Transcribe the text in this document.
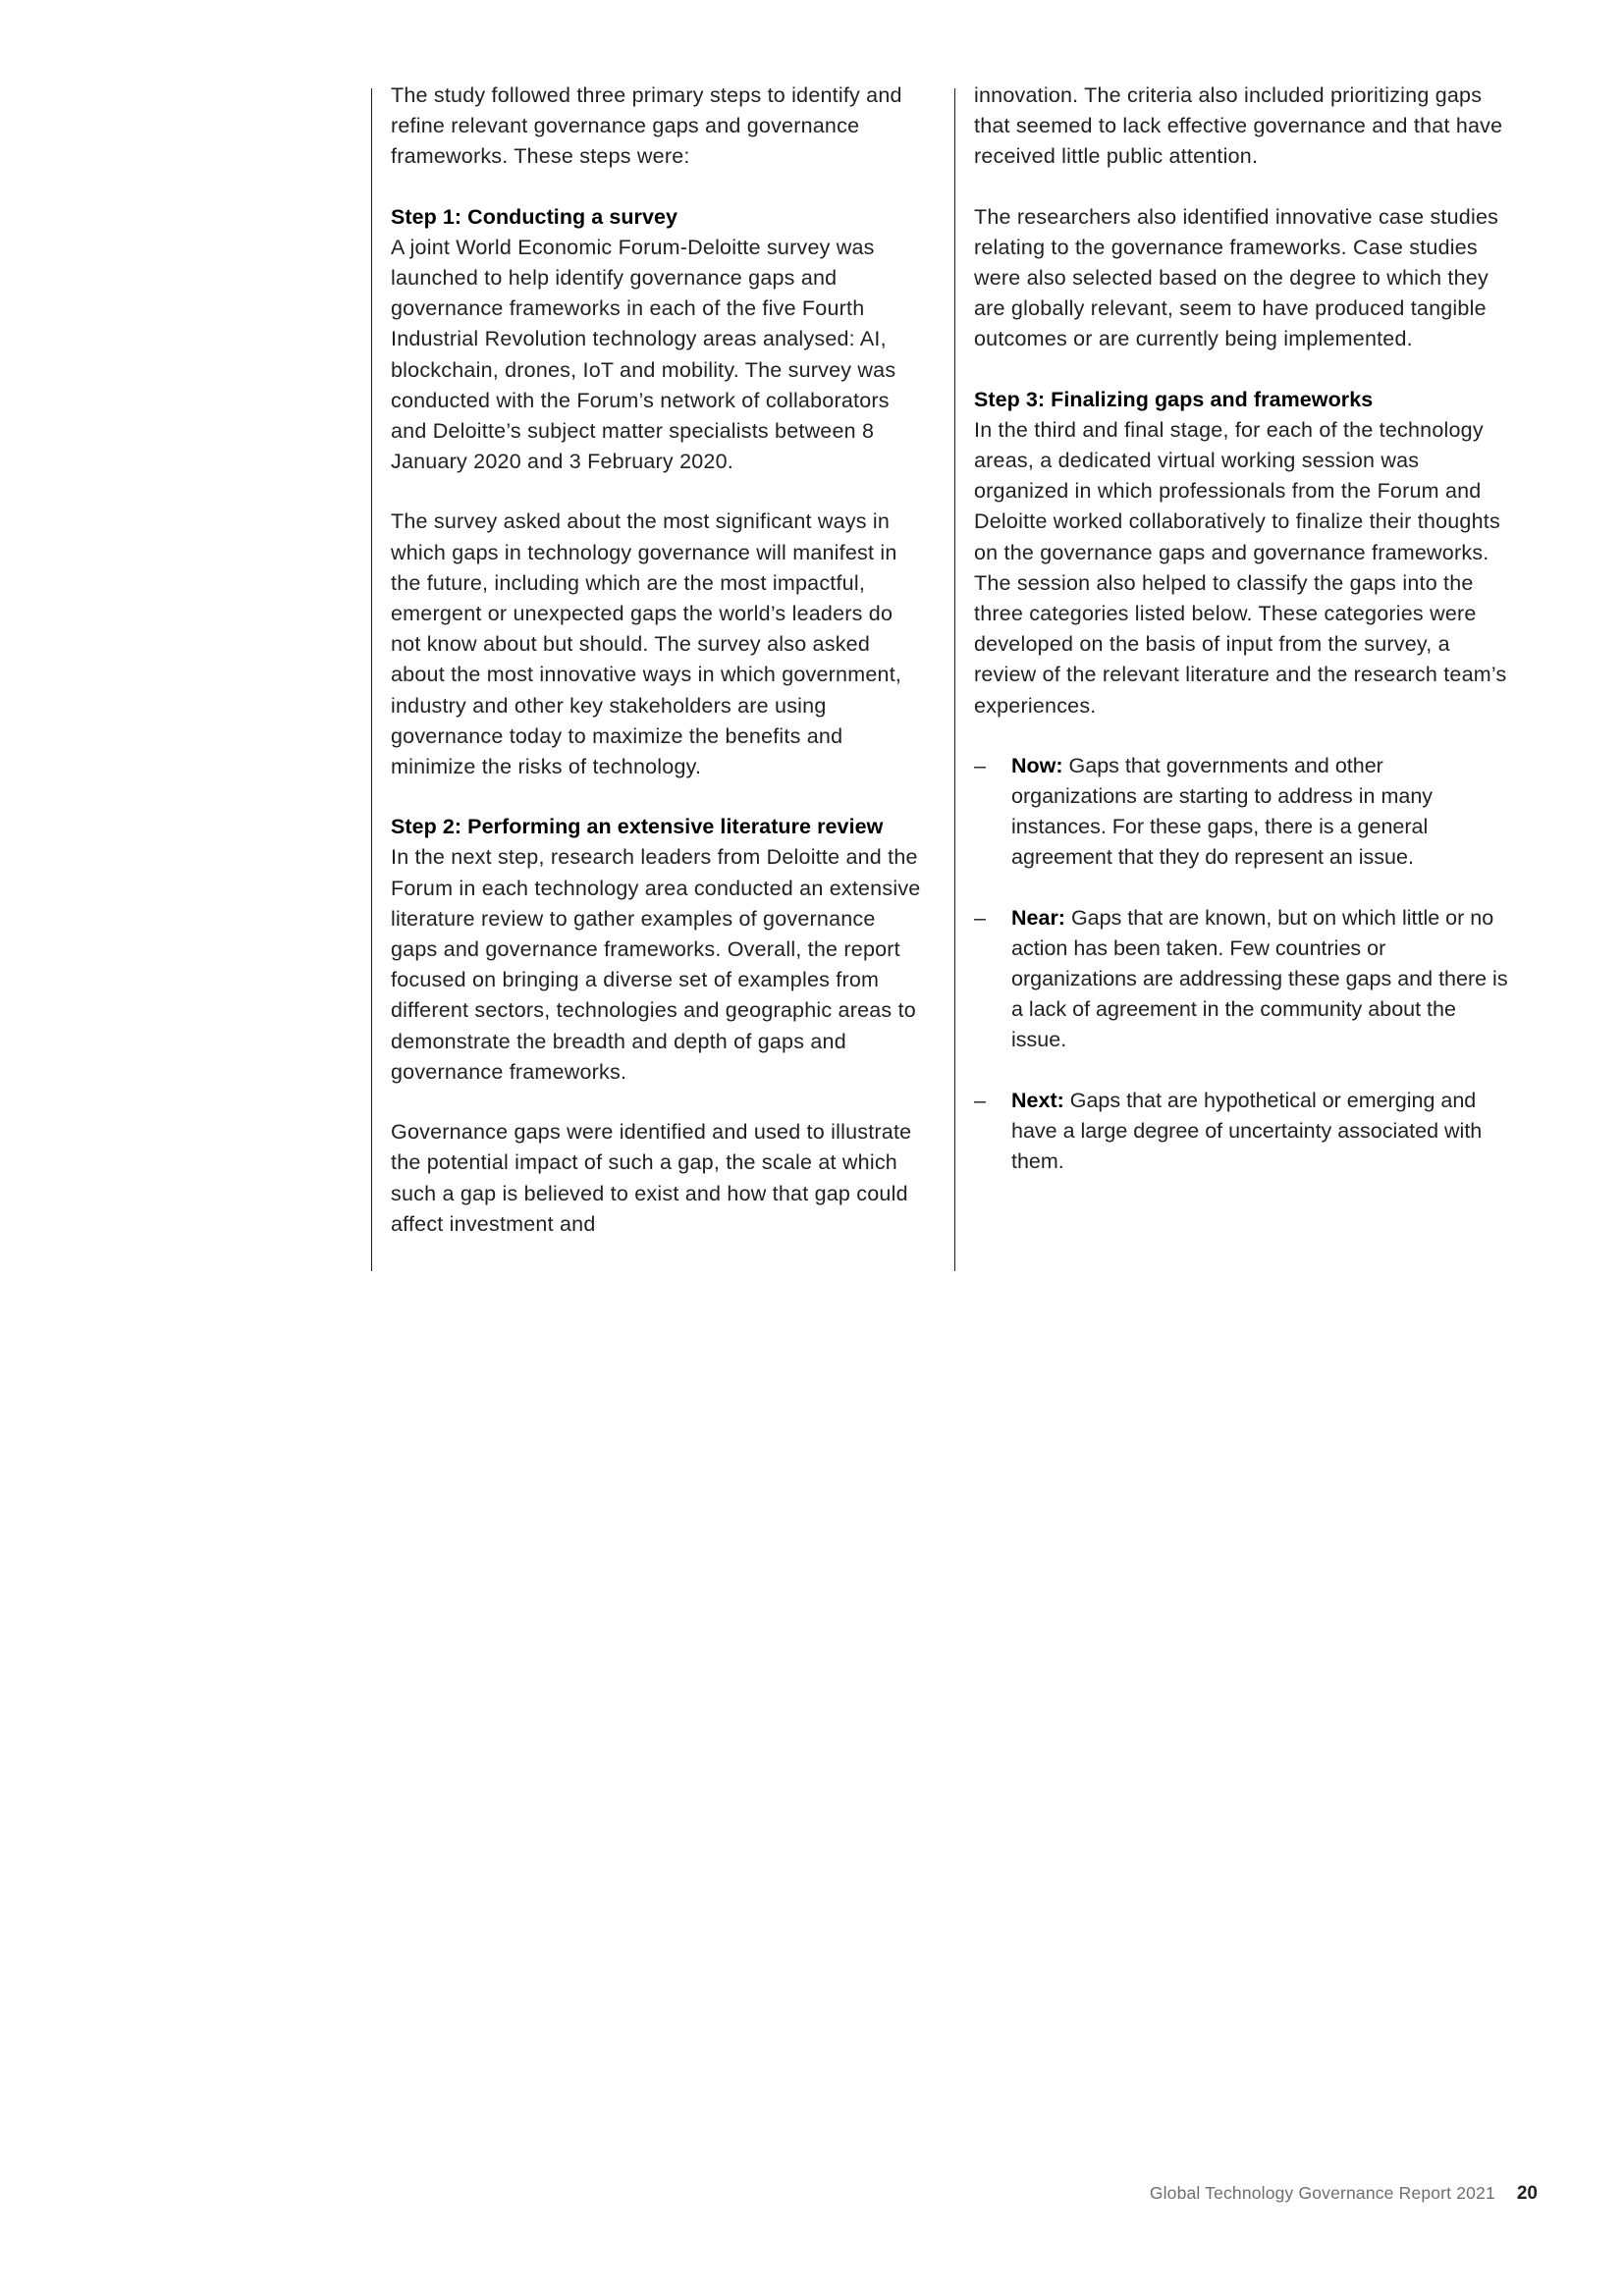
The study followed three primary steps to identify and refine relevant governance gaps and governance frameworks. These steps were:

Step 1: Conducting a survey

A joint World Economic Forum-Deloitte survey was launched to help identify governance gaps and governance frameworks in each of the five Fourth Industrial Revolution technology areas analysed: AI, blockchain, drones, IoT and mobility. The survey was conducted with the Forum’s network of collaborators and Deloitte’s subject matter specialists between 8 January 2020 and 3 February 2020.

The survey asked about the most significant ways in which gaps in technology governance will manifest in the future, including which are the most impactful, emergent or unexpected gaps the world’s leaders do not know about but should. The survey also asked about the most innovative ways in which government, industry and other key stakeholders are using governance today to maximize the benefits and minimize the risks of technology.

Step 2: Performing an extensive literature review

In the next step, research leaders from Deloitte and the Forum in each technology area conducted an extensive literature review to gather examples of governance gaps and governance frameworks. Overall, the report focused on bringing a diverse set of examples from different sectors, technologies and geographic areas to demonstrate the breadth and depth of gaps and governance frameworks.

Governance gaps were identified and used to illustrate the potential impact of such a gap, the scale at which such a gap is believed to exist and how that gap could affect investment and

innovation. The criteria also included prioritizing gaps that seemed to lack effective governance and that have received little public attention.

The researchers also identified innovative case studies relating to the governance frameworks. Case studies were also selected based on the degree to which they are globally relevant, seem to have produced tangible outcomes or are currently being implemented.

Step 3: Finalizing gaps and frameworks

In the third and final stage, for each of the technology areas, a dedicated virtual working session was organized in which professionals from the Forum and Deloitte worked collaboratively to finalize their thoughts on the governance gaps and governance frameworks. The session also helped to classify the gaps into the three categories listed below. These categories were developed on the basis of input from the survey, a review of the relevant literature and the research team’s experiences.

– Now: Gaps that governments and other organizations are starting to address in many instances. For these gaps, there is a general agreement that they do represent an issue.
– Near: Gaps that are known, but on which little or no action has been taken. Few countries or organizations are addressing these gaps and there is a lack of agreement in the community about the issue.
– Next: Gaps that are hypothetical or emerging and have a large degree of uncertainty associated with them.
Global Technology Governance Report 2021 20
